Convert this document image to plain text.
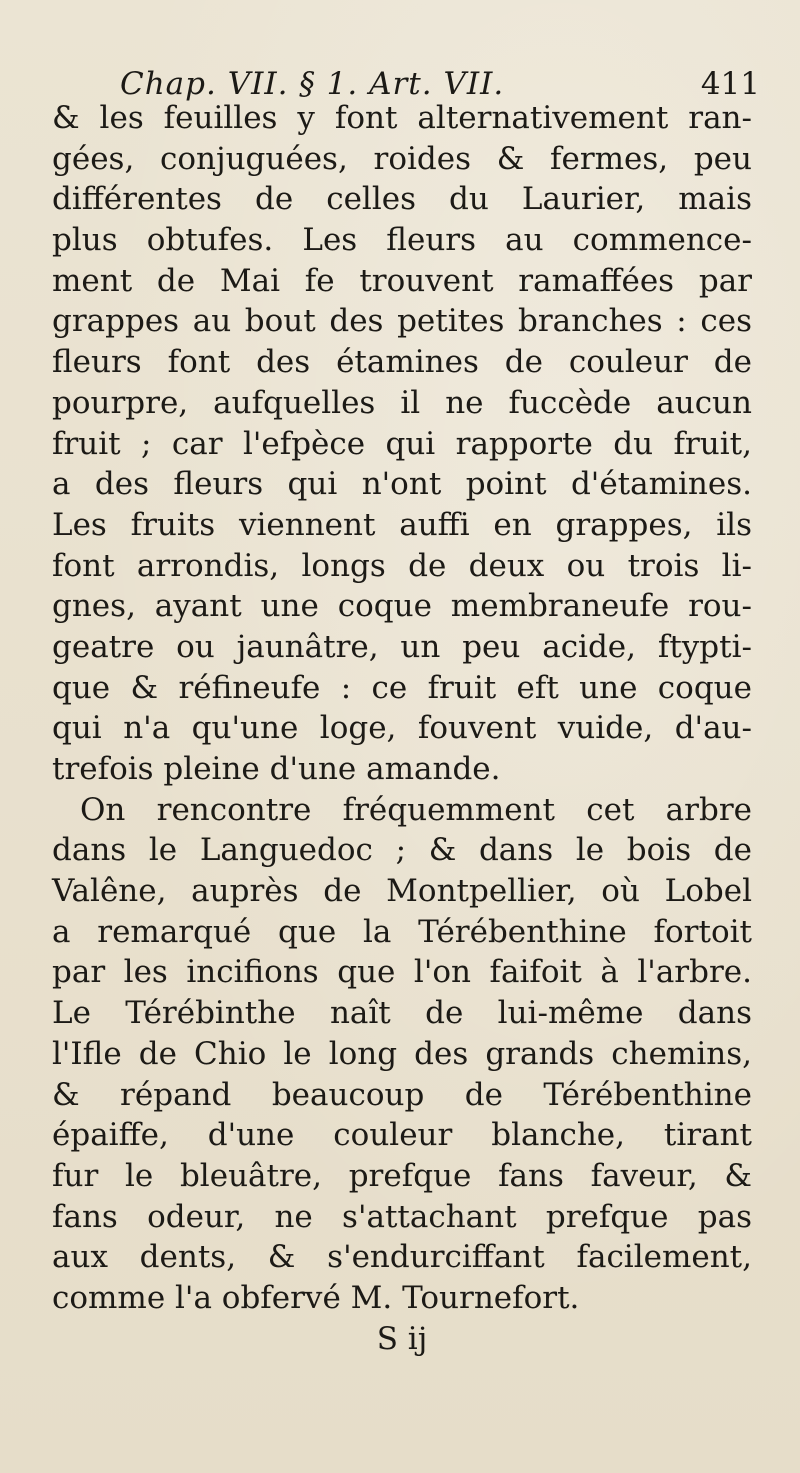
Chap. VII. § 1. Art. VII.	411
& les feuilles y font alternativement ran-
gées, conjuguées, roides & fermes, peu
différentes de celles du Laurier, mais
plus obtufes. Les fleurs au commence-
ment de Mai fe trouvent ramaffées par
grappes au bout des petites branches : ces
fleurs font des étamines de couleur de
pourpre, aufquelles il ne fuccède aucun
fruit ; car l'efpèce qui rapporte du fruit,
a des fleurs qui n'ont point d'étamines.
Les fruits viennent auffi en grappes, ils
font arrondis, longs de deux ou trois li-
gnes, ayant une coque membraneufe rou-
geatre ou jaunâtre, un peu acide, ftypti-
que & réfineufe : ce fruit eft une coque
qui n'a qu'une loge, fouvent vuide, d'au-
trefois pleine d'une amande.
On rencontre fréquemment cet arbre
dans le Languedoc ; & dans le bois de
Valêne, auprès de Montpellier, où Lobel
a remarqué que la Térébenthine fortoit
par les incifions que l'on faifoit à l'arbre.
Le Térébinthe naît de lui-même dans
l'Ifle de Chio le long des grands chemins,
& répand beaucoup de Térébenthine
épaiffe, d'une couleur blanche, tirant
fur le bleuâtre, prefque fans faveur, &
fans odeur, ne s'attachant prefque pas
aux dents, & s'endurciffant facilement,
comme l'a obfervé M. Tournefort.
S ij
